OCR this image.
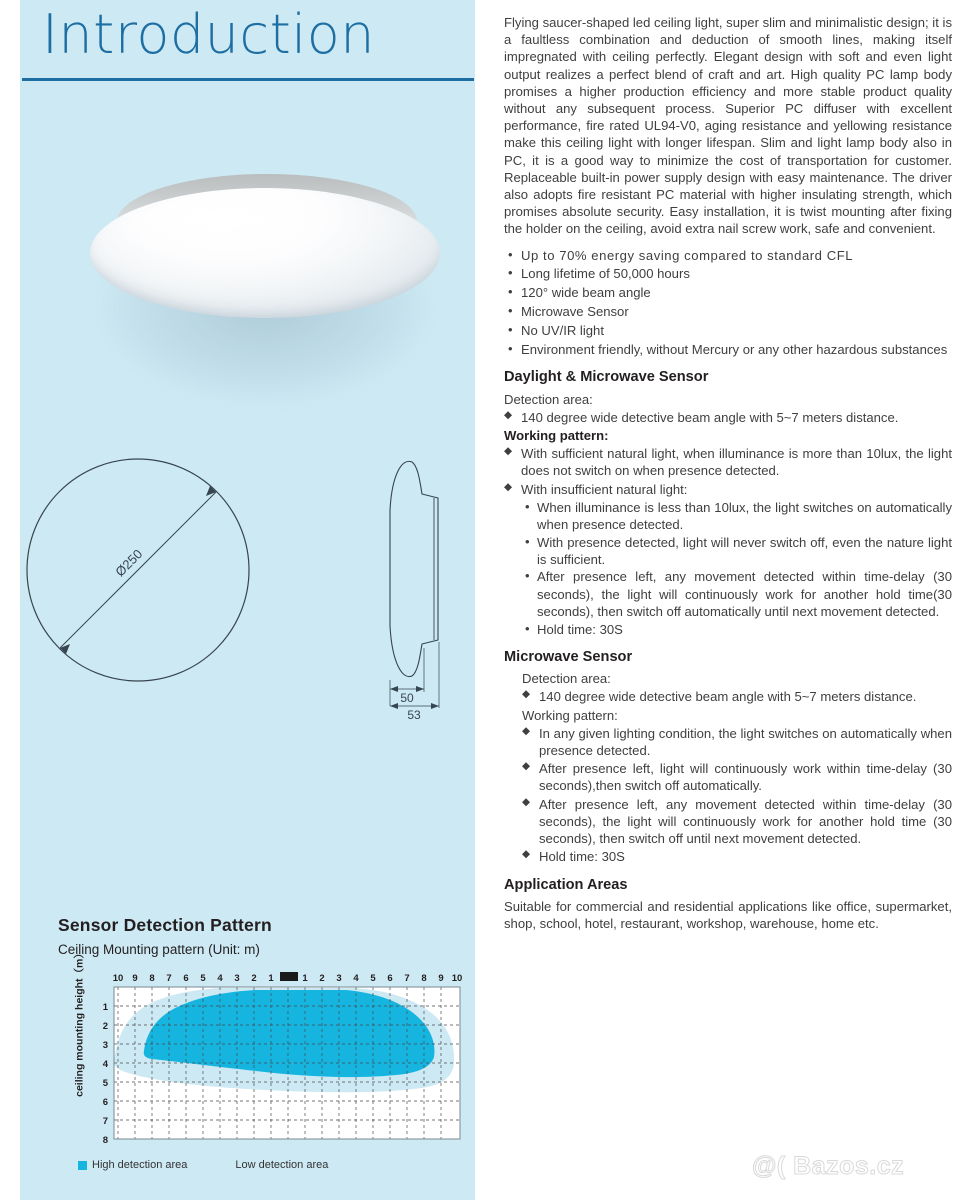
Introduction
Ø250
50
53
Sensor Detection Pattern
Ceiling Mounting pattern (Unit: m)
ceiling mounting height（m）	10 9 8 7 6 5 4 3 2 1	1 2 3 4 5 6 7 8 9 10
1
2
3
4
5
6
7
8
High detection area	Low detection area

Flying saucer-shaped led ceiling light, super slim and minimalistic design; it is a faultless combination and deduction of smooth lines, making itself impregnated with ceiling perfectly. Elegant design with soft and even light output realizes a perfect blend of craft and art. High quality PC lamp body promises a higher production efficiency and more stable product quality without any subsequent process. Superior PC diffuser with excellent performance, fire rated UL94-V0, aging resistance and yellowing resistance make this ceiling light with longer lifespan. Slim and light lamp body also in PC, it is a good way to minimize the cost of transportation for customer. Replaceable built-in power supply design with easy maintenance. The driver also adopts fire resistant PC material with higher insulating strength, which promises absolute security. Easy installation, it is twist mounting after fixing the holder on the ceiling, avoid extra nail screw work, safe and convenient.

• Up to 70% energy saving compared to standard CFL
• Long lifetime of 50,000 hours
• 120° wide beam angle
• Microwave Sensor
• No UV/IR light
• Environment friendly, without Mercury or any other hazardous substances
Daylight & Microwave Sensor

Detection area:

◆ 140 degree wide detective beam angle with 5~7 meters distance.

Working pattern:

◆ With sufficient natural light, when illuminance is more than 10lux, the light does not switch on when presence detected.

◆ With insufficient natural light:

• When illuminance is less than 10lux, the light switches on automatically when presence detected.
• With presence detected, light will never switch off, even the nature light is sufficient.
• After presence left, any movement detected within time-delay (30 seconds), the light will continuously work for another hold time(30 seconds), then switch off automatically until next movement detected.
• Hold time: 30S
Microwave Sensor

Detection area:

◆ 140 degree wide detective beam angle with 5~7 meters distance.

Working pattern:

◆ In any given lighting condition, the light switches on automatically when presence detected.

◆ After presence left, light will continuously work within time-delay (30 seconds),then switch off automatically.

◆ After presence left, any movement detected within time-delay (30 seconds), the light will continuously work for another hold time (30 seconds), then switch off until next movement detected.

◆ Hold time: 30S

Application Areas

Suitable for commercial and residential applications like office, supermarket, shop, school, hotel, restaurant, workshop, warehouse, home etc.

@( Bazos.cz
